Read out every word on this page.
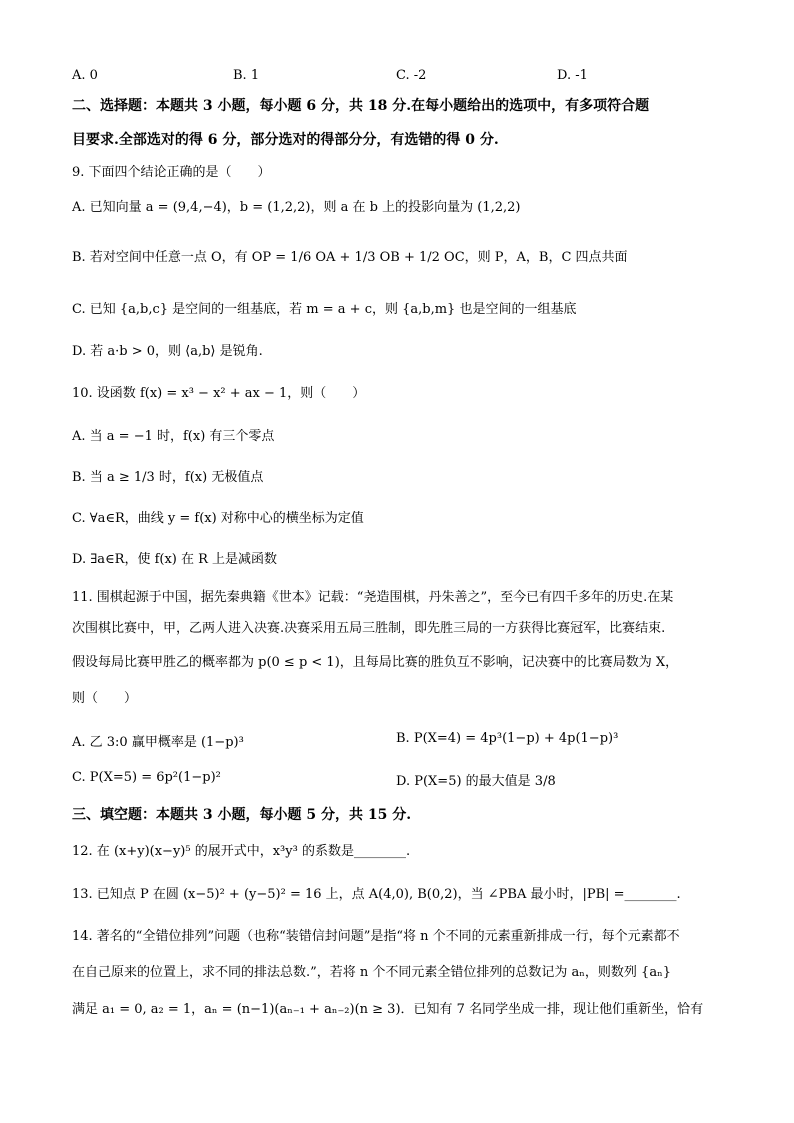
A. 0	B. 1	C. -2	D. -1
二、选择题：本题共 3 小题，每小题 6 分，共 18 分.在每小题给出的选项中，有多项符合题
目要求.全部选对的得 6 分，部分选对的得部分分，有选错的得 0 分.
9. 下面四个结论正确的是（　　）
A. 已知向量 a = (9,4,−4)，b = (1,2,2)，则 a 在 b 上的投影向量为 (1,2,2)
B. 若对空间中任意一点 O，有 OP = 1/6 OA + 1/3 OB + 1/2 OC，则 P，A，B，C 四点共面
C. 已知 {a,b,c} 是空间的一组基底，若 m = a + c，则 {a,b,m} 也是空间的一组基底
D. 若 a·b > 0，则 ⟨a,b⟩ 是锐角.
10. 设函数 f(x) = x³ − x² + ax − 1，则（　　）
A. 当 a = −1 时，f(x) 有三个零点
B. 当 a ≥ 1/3 时，f(x) 无极值点
C. ∀a∈R，曲线 y = f(x) 对称中心的横坐标为定值
D. ∃a∈R，使 f(x) 在 R 上是减函数
11. 围棋起源于中国，据先秦典籍《世本》记载：“尧造围棋，丹朱善之”，至今已有四千多年的历史.在某
次围棋比赛中，甲，乙两人进入决赛.决赛采用五局三胜制，即先胜三局的一方获得比赛冠军，比赛结束.
假设每局比赛甲胜乙的概率都为 p(0 ≤ p < 1)，且每局比赛的胜负互不影响，记决赛中的比赛局数为 X，
则（　　）
A. 乙 3:0 赢甲概率是 (1−p)³	B. P(X=4) = 4p³(1−p) + 4p(1−p)³
C. P(X=5) = 6p²(1−p)²	D. P(X=5) 的最大值是 3/8
三、填空题：本题共 3 小题，每小题 5 分，共 15 分.
12. 在 (x+y)(x−y)⁵ 的展开式中，x³y³ 的系数是________.
13. 已知点 P 在圆 (x−5)² + (y−5)² = 16 上，点 A(4,0), B(0,2)，当 ∠PBA 最小时，|PB| =________.
14. 著名的“全错位排列”问题（也称“装错信封问题”是指“将 n 个不同的元素重新排成一行，每个元素都不
在自己原来的位置上，求不同的排法总数.”，若将 n 个不同元素全错位排列的总数记为 aₙ，则数列 {aₙ}
满足 a₁ = 0, a₂ = 1，aₙ = (n−1)(aₙ₋₁ + aₙ₋₂)(n ≥ 3)．已知有 7 名同学坐成一排，现让他们重新坐，恰有
